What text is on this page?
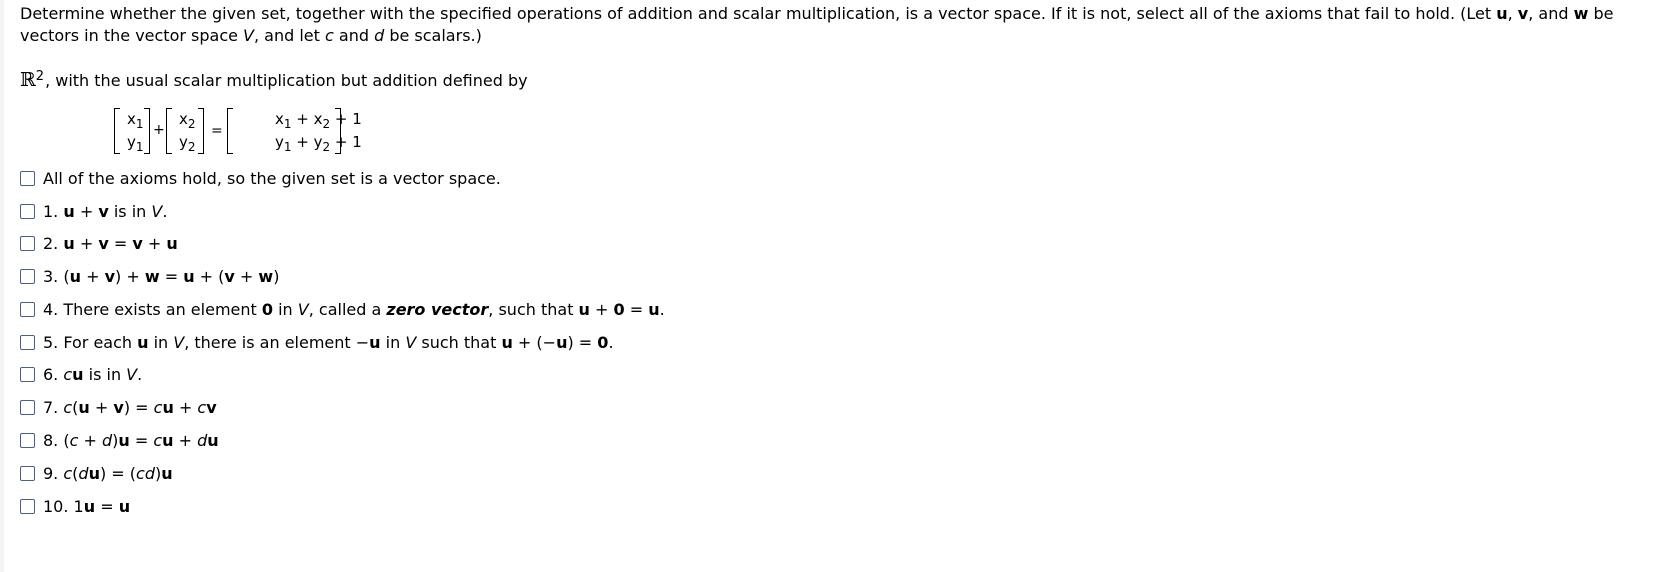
Determine whether the given set, together with the specified operations of addition and scalar multiplication, is a vector space. If it is not, select all of the axioms that fail to hold. (Let u, v, and w be vectors in the vector space V, and let c and d be scalars.)

ℝ$^2$, with the usual scalar multiplication but addition defined by
$x_1$
$y_1$
+
$x_2$
$y_2$
=
$x_1 + x_2 + 1$
$y_1 + y_2 + 1$
All of the axioms hold, so the given set is a vector space.
1. u + v is in V.
2. u + v = v + u
3. (u + v) + w = u + (v + w)
4. There exists an element 0 in V, called a zero vector, such that u + 0 = u.
5. For each u in V, there is an element −u in V such that u + (−u) = 0.
6. cu is in V.
7. c(u + v) = cu + cv
8. (c + d)u = cu + du
9. c(du) = (cd)u
10. 1u = u
